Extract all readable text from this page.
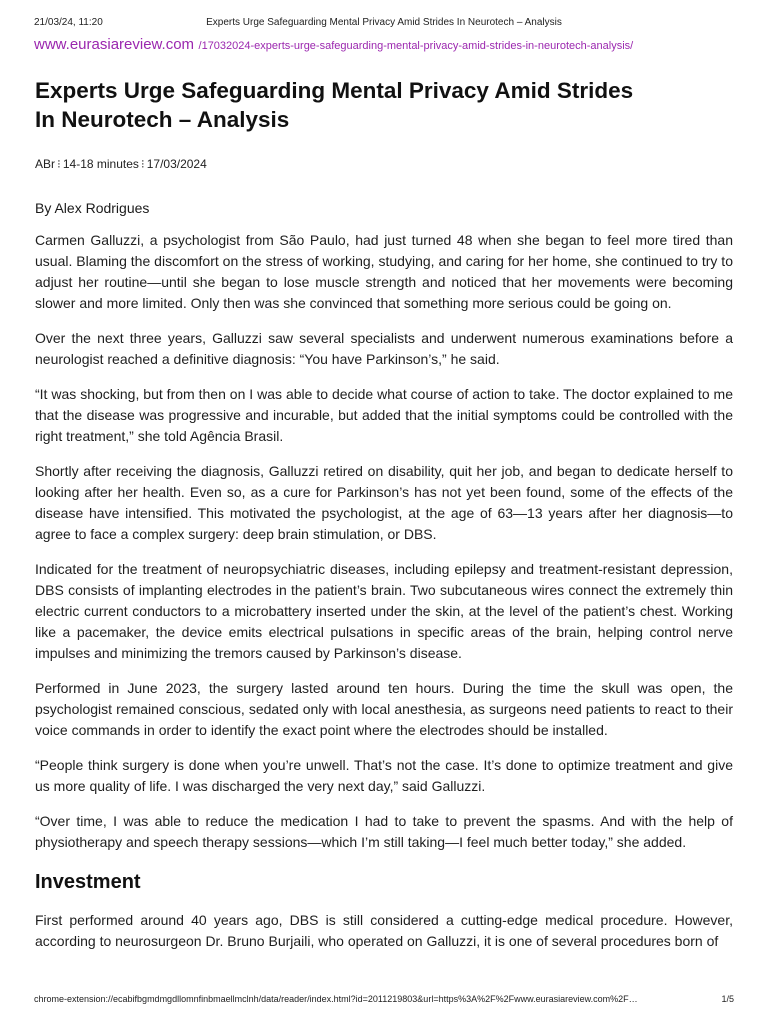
21/03/24, 11:20	Experts Urge Safeguarding Mental Privacy Amid Strides In Neurotech – Analysis
www.eurasiareview.com /17032024-experts-urge-safeguarding-mental-privacy-amid-strides-in-neurotech-analysis/
Experts Urge Safeguarding Mental Privacy Amid Strides In Neurotech – Analysis
ABr ⁝ 14-18 minutes ⁝ 17/03/2024
By Alex Rodrigues

Carmen Galluzzi, a psychologist from São Paulo, had just turned 48 when she began to feel more tired than usual. Blaming the discomfort on the stress of working, studying, and caring for her home, she continued to try to adjust her routine—until she began to lose muscle strength and noticed that her movements were becoming slower and more limited. Only then was she convinced that something more serious could be going on.

Over the next three years, Galluzzi saw several specialists and underwent numerous examinations before a neurologist reached a definitive diagnosis: “You have Parkinson’s,” he said.

“It was shocking, but from then on I was able to decide what course of action to take. The doctor explained to me that the disease was progressive and incurable, but added that the initial symptoms could be controlled with the right treatment,” she told Agência Brasil.

Shortly after receiving the diagnosis, Galluzzi retired on disability, quit her job, and began to dedicate herself to looking after her health. Even so, as a cure for Parkinson’s has not yet been found, some of the effects of the disease have intensified. This motivated the psychologist, at the age of 63—13 years after her diagnosis—to agree to face a complex surgery: deep brain stimulation, or DBS.

Indicated for the treatment of neuropsychiatric diseases, including epilepsy and treatment-resistant depression, DBS consists of implanting electrodes in the patient’s brain. Two subcutaneous wires connect the extremely thin electric current conductors to a microbattery inserted under the skin, at the level of the patient’s chest. Working like a pacemaker, the device emits electrical pulsations in specific areas of the brain, helping control nerve impulses and minimizing the tremors caused by Parkinson’s disease.

Performed in June 2023, the surgery lasted around ten hours. During the time the skull was open, the psychologist remained conscious, sedated only with local anesthesia, as surgeons need patients to react to their voice commands in order to identify the exact point where the electrodes should be installed.

“People think surgery is done when you’re unwell. That’s not the case. It’s done to optimize treatment and give us more quality of life. I was discharged the very next day,” said Galluzzi.

“Over time, I was able to reduce the medication I had to take to prevent the spasms. And with the help of physiotherapy and speech therapy sessions—which I’m still taking—I feel much better today,” she added.

Investment

First performed around 40 years ago, DBS is still considered a cutting-edge medical procedure. However, according to neurosurgeon Dr. Bruno Burjaili, who operated on Galluzzi, it is one of several procedures born of

chrome-extension://ecabifbgmdmgdllomnfinbmaellmclnh/data/reader/index.html?id=2011219803&url=https%3A%2F%2Fwww.eurasiareview.com%2F…	1/5
